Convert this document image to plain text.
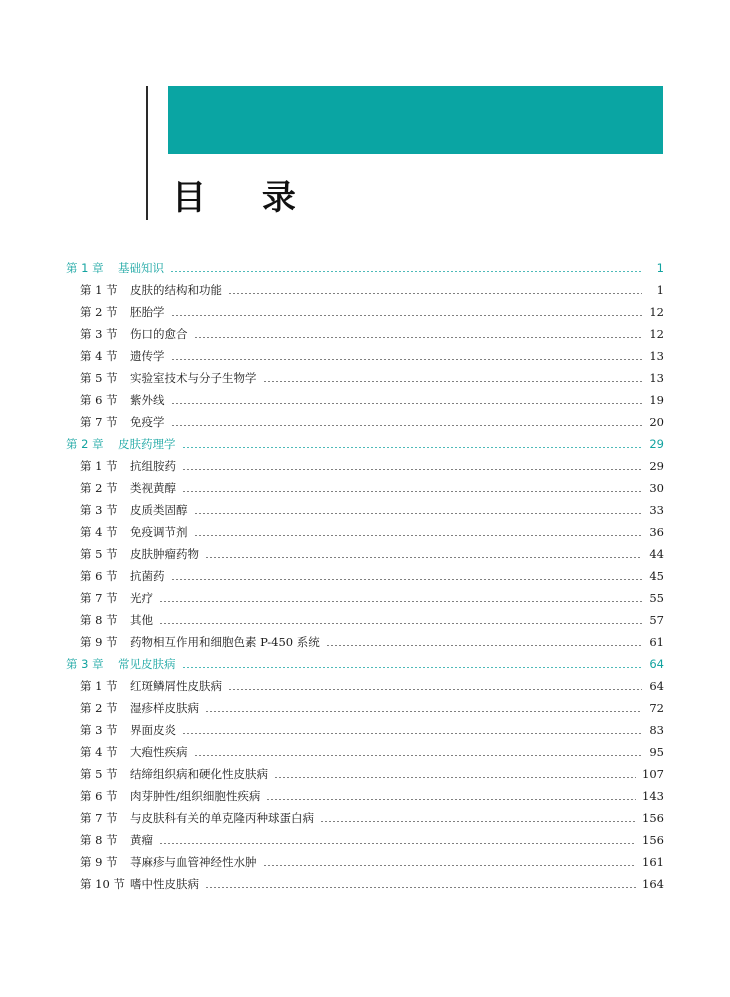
目 录
第 1 章	基础知识	1
第 1 节	皮肤的结构和功能	1
第 2 节	胚胎学	12
第 3 节	伤口的愈合	12
第 4 节	遗传学	13
第 5 节	实验室技术与分子生物学	13
第 6 节	紫外线	19
第 7 节	免疫学	20
第 2 章	皮肤药理学	29
第 1 节	抗组胺药	29
第 2 节	类视黄醇	30
第 3 节	皮质类固醇	33
第 4 节	免疫调节剂	36
第 5 节	皮肤肿瘤药物	44
第 6 节	抗菌药	45
第 7 节	光疗	55
第 8 节	其他	57
第 9 节	药物相互作用和细胞色素 P-450 系统	61
第 3 章	常见皮肤病	64
第 1 节	红斑鳞屑性皮肤病	64
第 2 节	湿疹样皮肤病	72
第 3 节	界面皮炎	83
第 4 节	大疱性疾病	95
第 5 节	结缔组织病和硬化性皮肤病	107
第 6 节	肉芽肿性/组织细胞性疾病	143
第 7 节	与皮肤科有关的单克隆丙种球蛋白病	156
第 8 节	黄瘤	156
第 9 节	荨麻疹与血管神经性水肿	161
第 10 节 嗜中性皮肤病	164
